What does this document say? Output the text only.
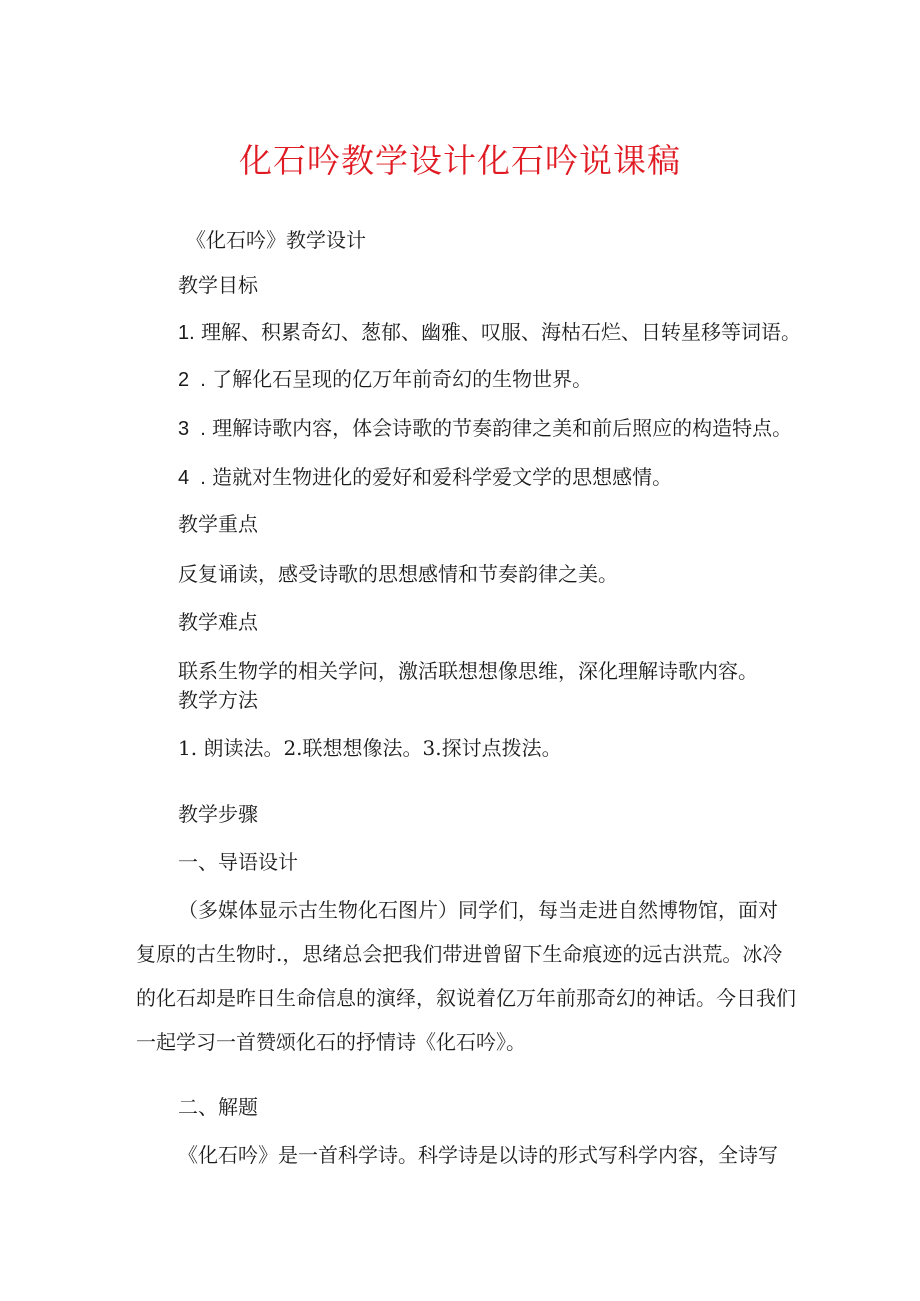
化石吟教学设计化石吟说课稿
《化石吟》教学设计
教学目标
1. 理解、积累奇幻、葱郁、幽雅、叹服、海枯石烂、日转星移等词语。
2  . 了解化石呈现的亿万年前奇幻的生物世界。
3  . 理解诗歌内容，体会诗歌的节奏韵律之美和前后照应的构造特点。
4  . 造就对生物进化的爱好和爱科学爱文学的思想感情。
教学重点
反复诵读，感受诗歌的思想感情和节奏韵律之美。
教学难点
联系生物学的相关学问，激活联想想像思维，深化理解诗歌内容。
教学方法
1. 朗读法。2.联想想像法。3.探讨点拨法。
教学步骤
一、导语设计
（多媒体显示古生物化石图片）同学们，每当走进自然博物馆，面对复原的古生物时.，思绪总会把我们带进曾留下生命痕迹的远古洪荒。冰冷的化石却是昨日生命信息的演绎，叙说着亿万年前那奇幻的神话。今日我们一起学习一首赞颂化石的抒情诗《化石吟》。
二、解题
《化石吟》是一首科学诗。科学诗是以诗的形式写科学内容，全诗写
